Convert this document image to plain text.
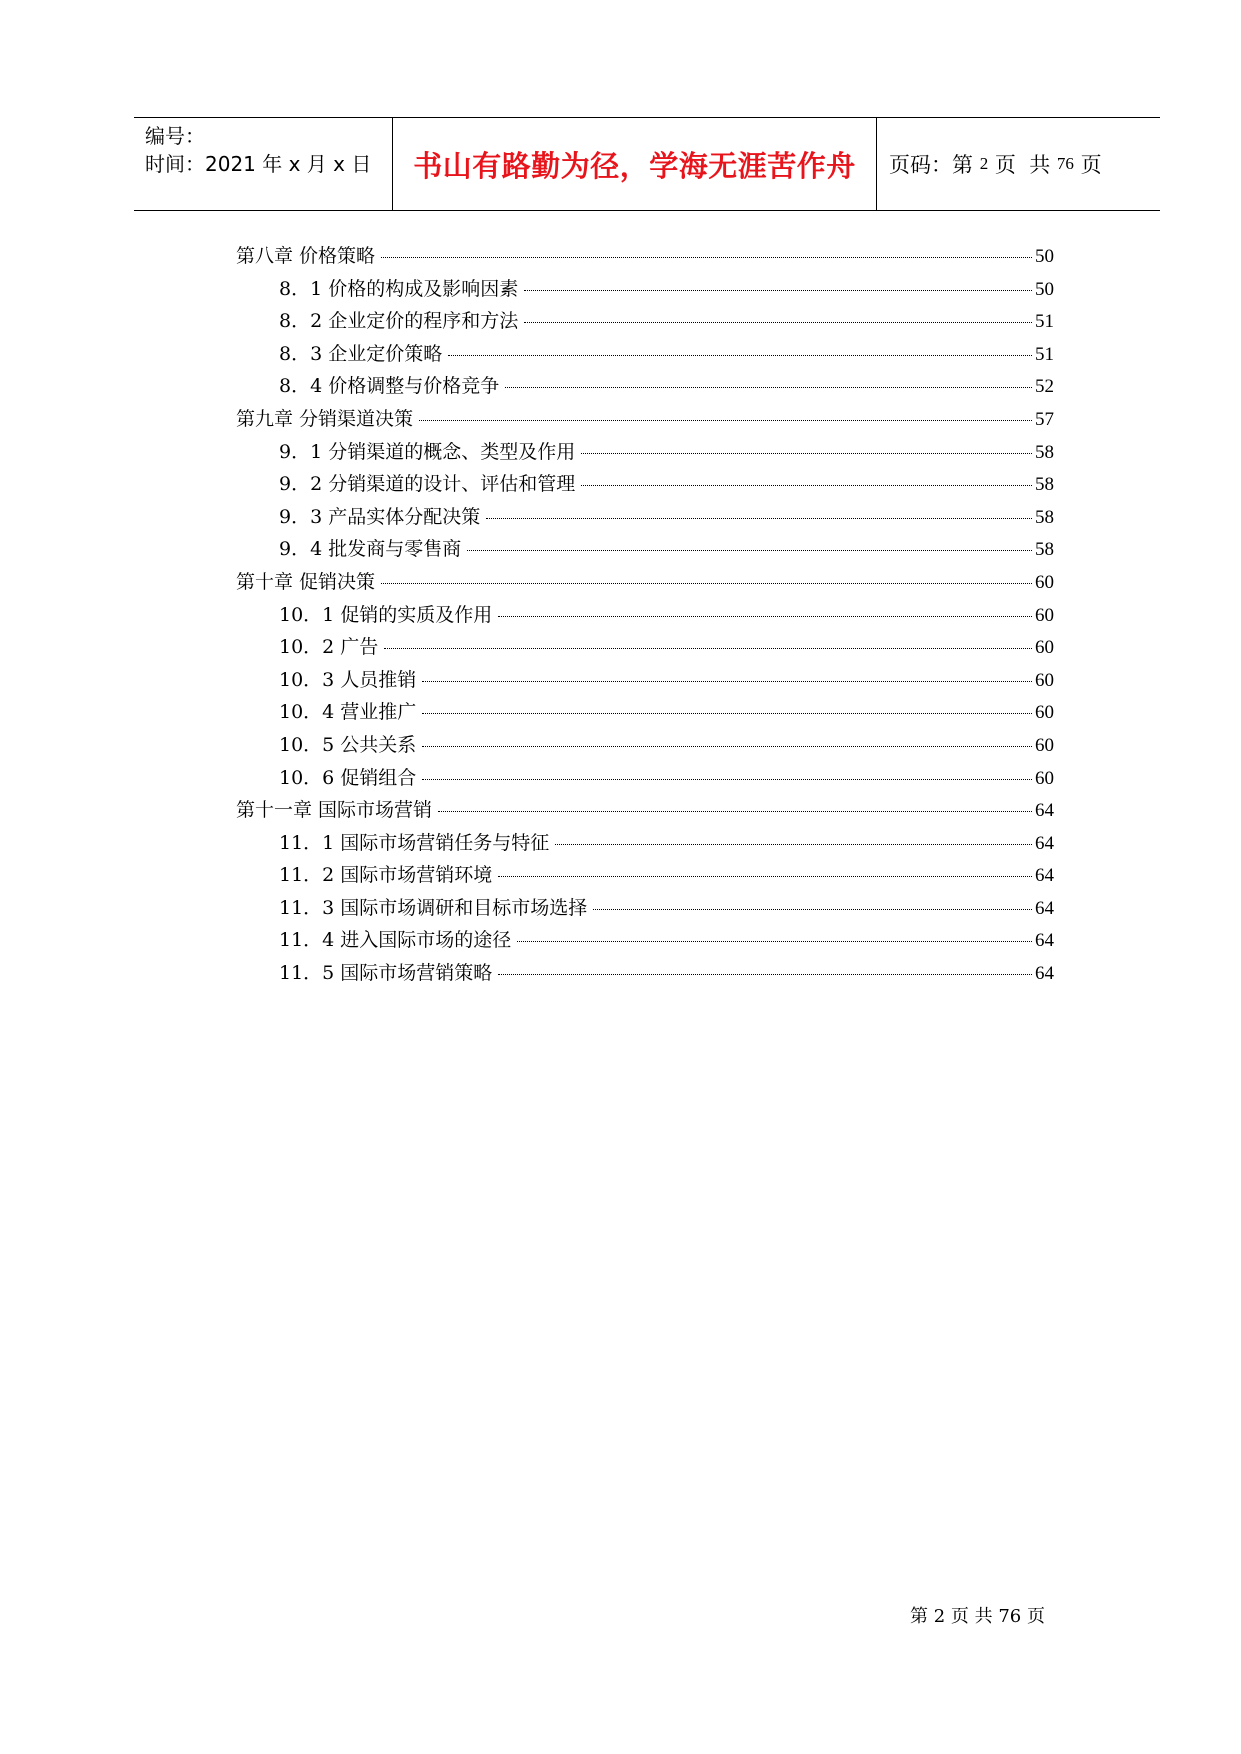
编号：
时间：2021 年 x 月 x 日	书山有路勤为径，学海无涯苦作舟	页码：第 2 页  共 76 页
第八章 价格策略	50
8．1 价格的构成及影响因素	50
8．2 企业定价的程序和方法	51
8．3 企业定价策略	51
8．4 价格调整与价格竞争	52
第九章 分销渠道决策	57
9．1 分销渠道的概念、类型及作用	58
9．2 分销渠道的设计、评估和管理	58
9．3 产品实体分配决策	58
9．4 批发商与零售商	58
第十章 促销决策	60
10．1 促销的实质及作用	60
10．2 广告	60
10．3 人员推销	60
10．4 营业推广	60
10．5 公共关系	60
10．6 促销组合	60
第十一章 国际市场营销	64
11．1 国际市场营销任务与特征	64
11．2 国际市场营销环境	64
11．3 国际市场调研和目标市场选择	64
11．4 进入国际市场的途径	64
11．5 国际市场营销策略	64
第 2 页 共 76 页
